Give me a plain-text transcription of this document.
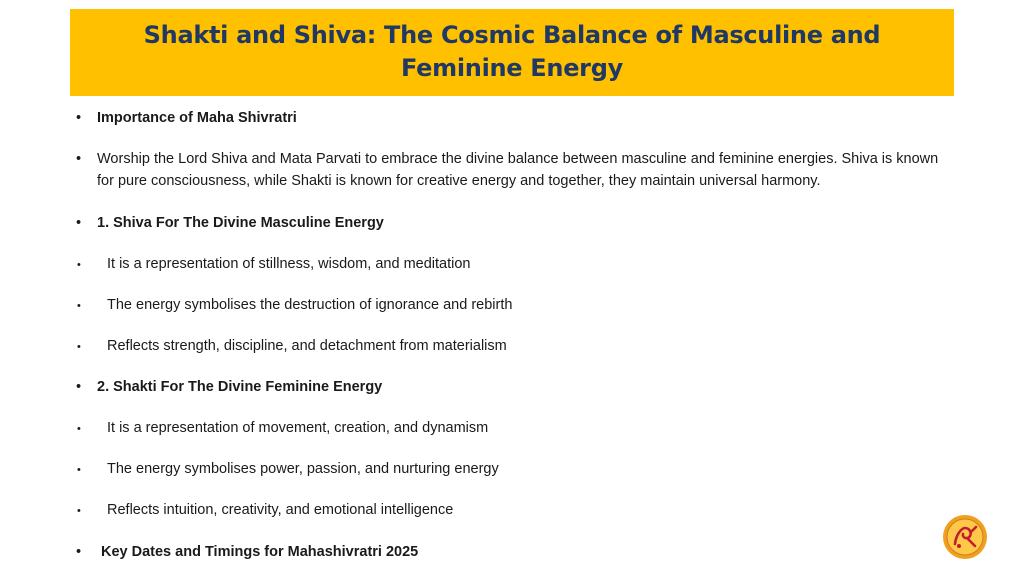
Shakti and Shiva: The Cosmic Balance of Masculine and Feminine Energy
•	Importance of Maha Shivratri
•	Worship the Lord Shiva and Mata Parvati to embrace the divine balance between masculine and feminine energies. Shiva is known for pure consciousness, while Shakti is known for creative energy and together, they maintain universal harmony.
•	1. Shiva For The Divine Masculine Energy
•	It is a representation of stillness, wisdom, and meditation
•	The energy symbolises the destruction of ignorance and rebirth
•	Reflects strength, discipline, and detachment from materialism
•	2. Shakti For The Divine Feminine Energy
•	It is a representation of movement, creation, and dynamism
•	The energy symbolises power, passion, and nurturing energy
•	Reflects intuition, creativity, and emotional intelligence
•	Key Dates and Timings for Mahashivratri 2025
